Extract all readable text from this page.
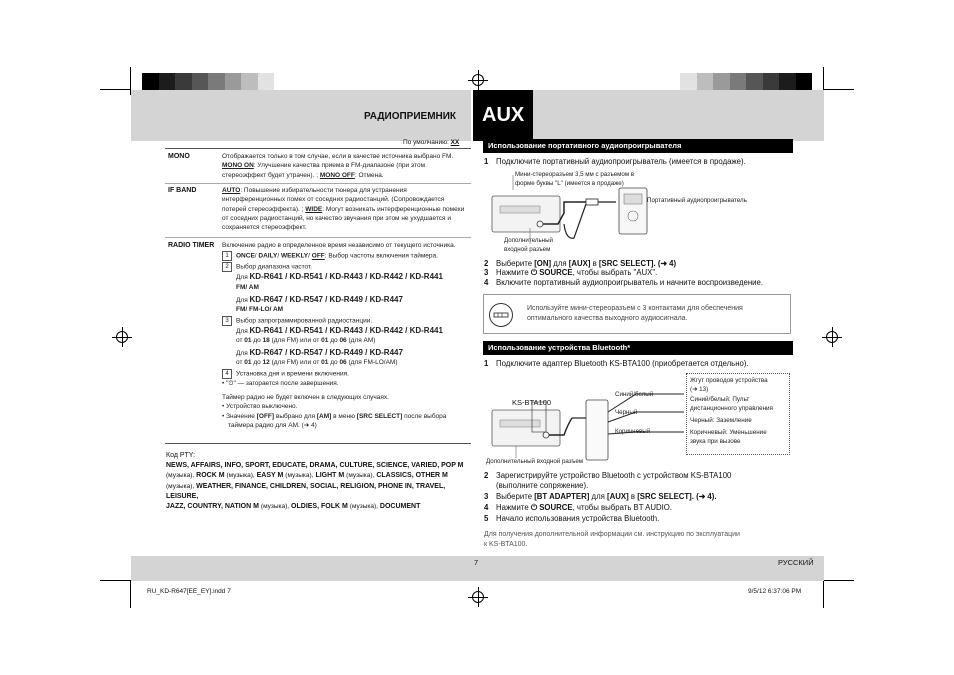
РАДИОПРИЕМНИК AUX
По умолчанию: XX
MONO	Отображается только в том случае, если в качестве источника выбрано FM.
MONO ON: Улучшение качества приема в FM-диапазоне (при этом
стереоэффект будет утрачен). ; MONO OFF: Отмена.
IF BAND	AUTO: Повышение избирательности тюнера для устранения
интерференционных помех от соседних радиостанций. (Сопровождается
потерей стереоэффекта). ; WIDE: Могут возникать интерференционные помехи
от соседних радиостанций, но качество звучания при этом не ухудшается и
сохраняется стереоэффект.
RADIO TIMER Включение радио в определенное время независимо от текущего источника.
1 ONCE/ DAILY/ WEEKLY/ OFF: Выбор частоты включения таймера.
2 Выбор диапазона частот.
Для KD-R641 / KD-R541 / KD-R443 / KD-R442 / KD-R441
FM/ AM
Для KD-R647 / KD-R547 / KD-R449 / KD-R447
FM/ FM-LO/ AM
3 Выбор запрограммированной радиостанции.
Для KD-R641 / KD-R541 / KD-R443 / KD-R442 / KD-R441
от 01 до 18 (для FM) или от 01 до 06 (для AM)
Для KD-R647 / KD-R547 / KD-R449 / KD-R447
от 01 до 12 (для FM) или от 01 до 06 (для FM-LO/AM)
4 Установка дня и времени включения.
• "⏲" — загорается после завершения.
Таймер радио не будет включен в следующих случаях.
• Устройство выключено.
• Значение [OFF] выбрано для [AM] в меню [SRC SELECT] после выбора
таймера радио для AM. (➜ 4)
Код PTY:
NEWS, AFFAIRS, INFO, SPORT, EDUCATE, DRAMA, CULTURE, SCIENCE, VARIED, POP M
(музыка), ROCK M (музыка), EASY M (музыка), LIGHT M (музыка), CLASSICS, OTHER M
(музыка), WEATHER, FINANCE, CHILDREN, SOCIAL, RELIGION, PHONE IN, TRAVEL, LEISURE,
JAZZ, COUNTRY, NATION M (музыка), OLDIES, FOLK M (музыка), DOCUMENT
Использование портативного аудиопроигрывателя
1 Подключите портативный аудиопроигрыватель (имеется в продаже).
Мини-стереоразъем 3,5 мм с разъемом в
форме буквы "L" (имеется в продаже)
Портативный аудиопроигрыватель
Дополнительный
входной разъем
2 Выберите [ON] для [AUX] в [SRC SELECT]. (➜ 4)
3 Нажмите ⏻ SOURCE, чтобы выбрать "AUX".
4 Включите портативный аудиопроигрыватель и начните воспроизведение.
Используйте мини-стереоразъем с 3 контактами для обеспечения
оптимального качества выходного аудиосигнала.
Использование устройства Bluetooth*
1 Подключите адаптер Bluetooth KS-BTA100 (приобретается отдельно).
KS-BTA100
Синий/белый
Черный
Коричневый
Дополнительный входной разъем
Жгут проводов устройства
(➜ 13)
Синий/белый: Пульт
дистанционного управления
Черный: Заземление
Коричневый: Уменьшение
звука при вызове
2 Зарегистрируйте устройство Bluetooth с устройством KS-BTA100
(выполните сопряжение).
3 Выберите [BT ADAPTER] для [AUX] в [SRC SELECT]. (➜ 4).
4 Нажмите ⏻ SOURCE, чтобы выбрать BT AUDIO.
5 Начало использования устройства Bluetooth.
Для получения дополнительной информации см. инструкцию по эксплуатации
к KS-BTA100.
7	РУССКИЙ
RU_KD-R647[EE_EY].indd 7	9/5/12 6:37:06 PM
